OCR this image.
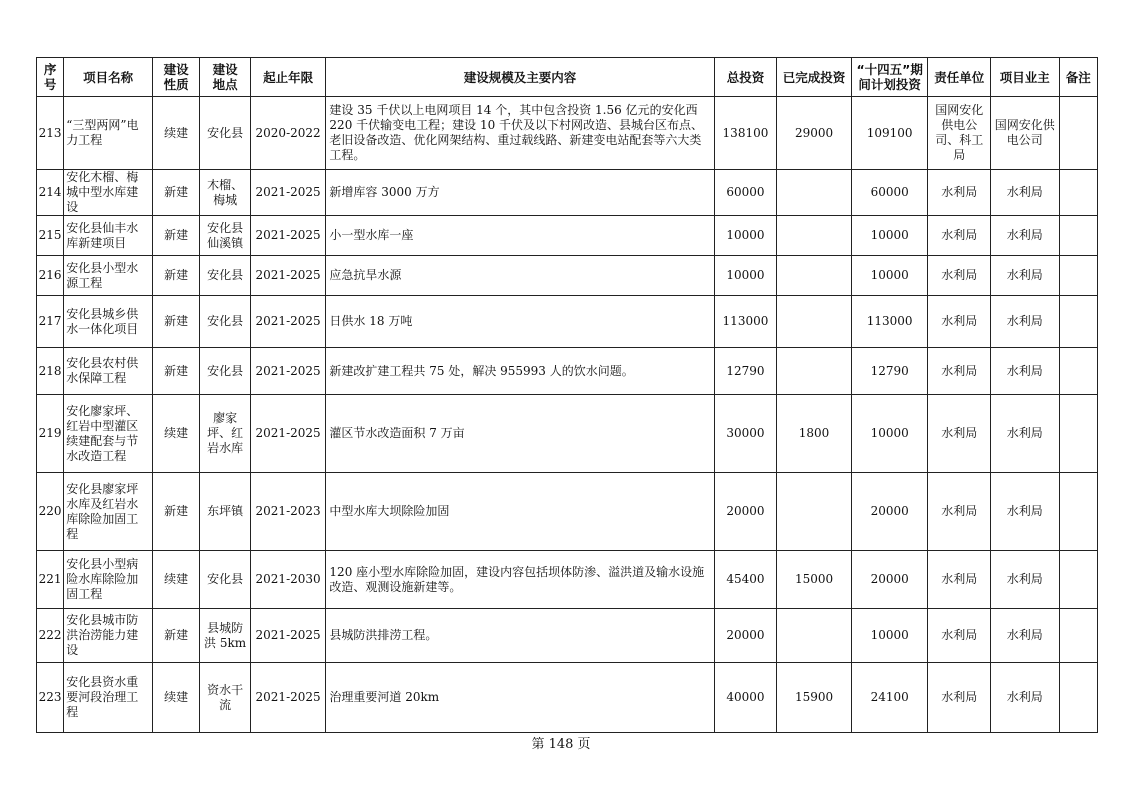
序号	项目名称	建设性质	建设地点	起止年限	建设规模及主要内容	总投资	已完成投资	“十四五”期间计划投资	责任单位	项目业主	备注
213	“三型两网”电力工程	续建	安化县	2020-2022	建设 35 千伏以上电网项目 14 个，其中包含投资 1.56 亿元的安化西 220 千伏输变电工程；建设 10 千伏及以下村网改造、县城台区布点、老旧设备改造、优化网架结构、重过载线路、新建变电站配套等六大类工程。	138100	29000	109100	国网安化供电公司、科工局	国网安化供电公司	
214	安化木榴、梅城中型水库建设	新建	木榴、梅城	2021-2025	新增库容 3000 万方	60000		60000	水利局	水利局	
215	安化县仙丰水库新建项目	新建	安化县仙溪镇	2021-2025	小一型水库一座	10000		10000	水利局	水利局	
216	安化县小型水源工程	新建	安化县	2021-2025	应急抗旱水源	10000		10000	水利局	水利局	
217	安化县城乡供水一体化项目	新建	安化县	2021-2025	日供水 18 万吨	113000		113000	水利局	水利局	
218	安化县农村供水保障工程	新建	安化县	2021-2025	新建改扩建工程共 75 处，解决 955993 人的饮水问题。	12790		12790	水利局	水利局	
219	安化廖家坪、红岩中型灌区续建配套与节水改造工程	续建	廖家坪、红岩水库	2021-2025	灌区节水改造面积 7 万亩	30000	1800	10000	水利局	水利局	
220	安化县廖家坪水库及红岩水库除险加固工程	新建	东坪镇	2021-2023	中型水库大坝除险加固	20000		20000	水利局	水利局	
221	安化县小型病险水库除险加固工程	续建	安化县	2021-2030	120 座小型水库除险加固，建设内容包括坝体防渗、溢洪道及输水设施改造、观测设施新建等。	45400	15000	20000	水利局	水利局	
222	安化县城市防洪治涝能力建设	新建	县城防洪 5km	2021-2025	县城防洪排涝工程。	20000		10000	水利局	水利局	
223	安化县资水重要河段治理工程	续建	资水干流	2021-2025	治理重要河道 20km	40000	15900	24100	水利局	水利局	
第 148 页
